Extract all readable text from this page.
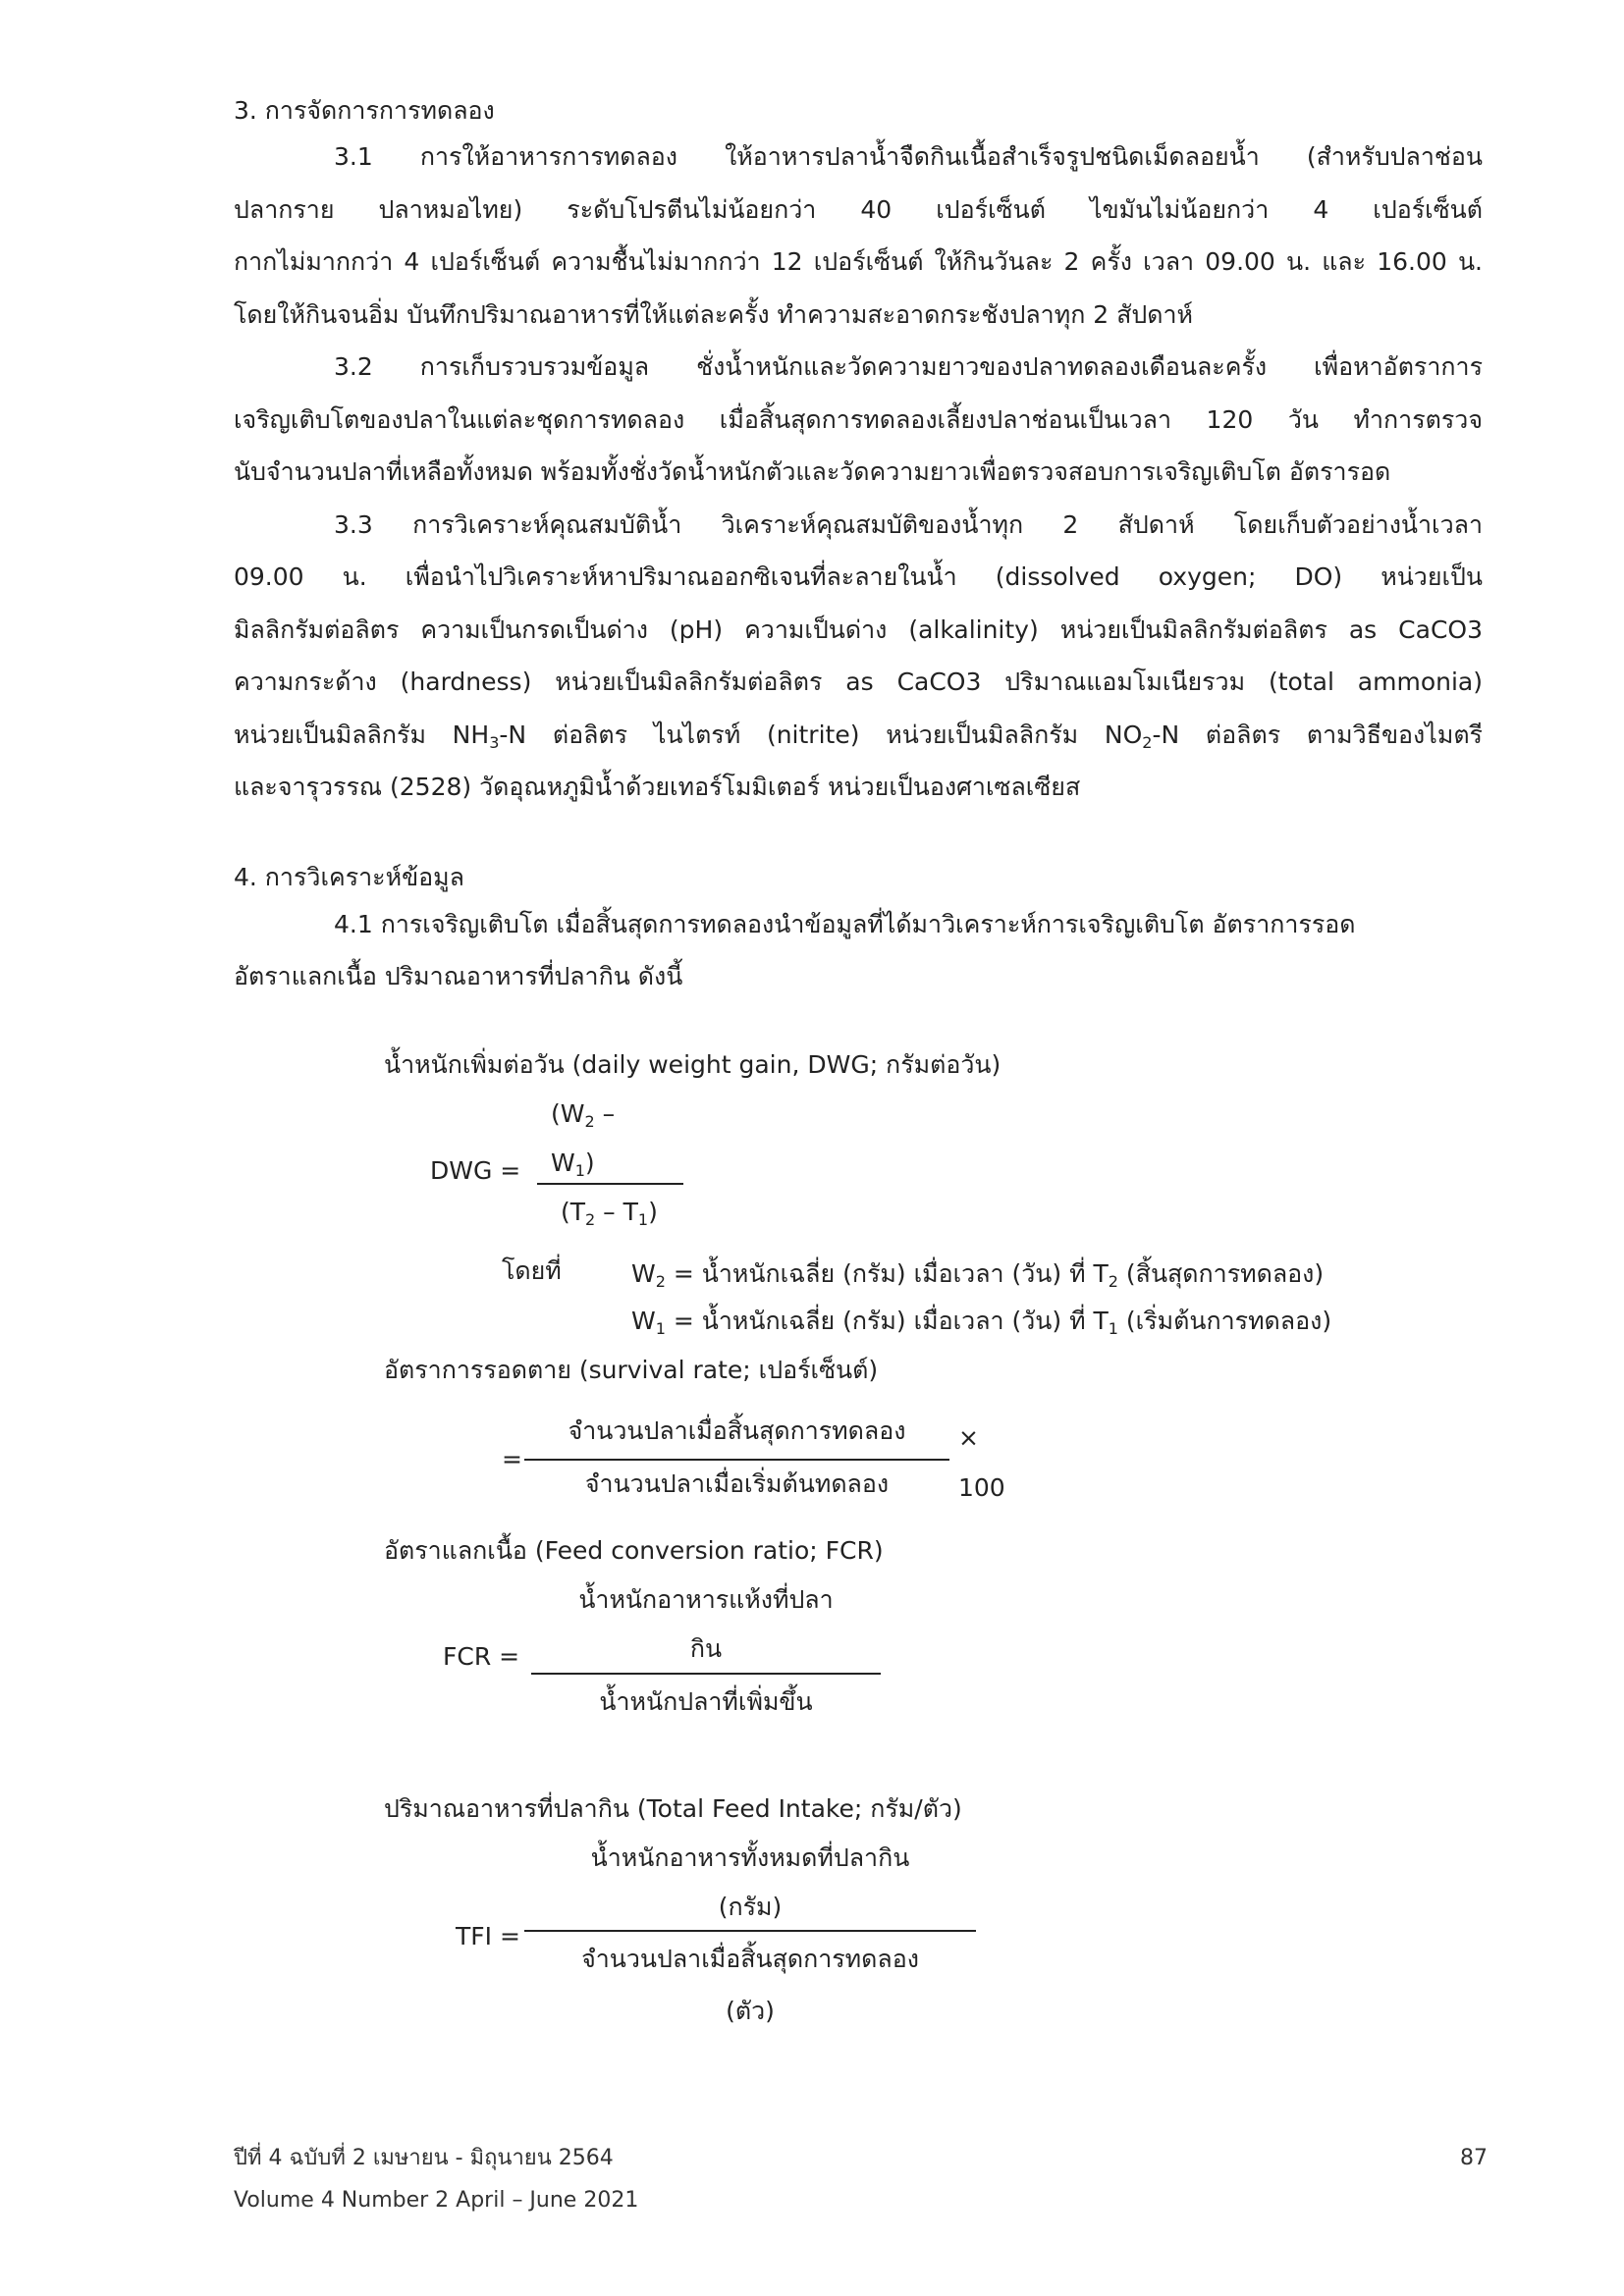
3. การจัดการการทดลอง
3.1 การให้อาหารการทดลอง ให้อาหารปลาน้ำจืดกินเนื้อสำเร็จรูปชนิดเม็ดลอยน้ำ (สำหรับปลาช่อน
ปลากราย ปลาหมอไทย) ระดับโปรตีนไม่น้อยกว่า 40 เปอร์เซ็นต์ ไขมันไม่น้อยกว่า 4 เปอร์เซ็นต์
กากไม่มากกว่า 4 เปอร์เซ็นต์ ความชื้นไม่มากกว่า 12 เปอร์เซ็นต์ ให้กินวันละ 2 ครั้ง เวลา 09.00 น. และ 16.00 น.
โดยให้กินจนอิ่ม บันทึกปริมาณอาหารที่ให้แต่ละครั้ง ทำความสะอาดกระชังปลาทุก 2 สัปดาห์
3.2 การเก็บรวบรวมข้อมูล ชั่งน้ำหนักและวัดความยาวของปลาทดลองเดือนละครั้ง เพื่อหาอัตราการ
เจริญเติบโตของปลาในแต่ละชุดการทดลอง เมื่อสิ้นสุดการทดลองเลี้ยงปลาช่อนเป็นเวลา 120 วัน ทำการตรวจ
นับจำนวนปลาที่เหลือทั้งหมด พร้อมทั้งชั่งวัดน้ำหนักตัวและวัดความยาวเพื่อตรวจสอบการเจริญเติบโต อัตรารอด
3.3 การวิเคราะห์คุณสมบัติน้ำ วิเคราะห์คุณสมบัติของน้ำทุก 2 สัปดาห์ โดยเก็บตัวอย่างน้ำเวลา
09.00 น. เพื่อนำไปวิเคราะห์หาปริมาณออกซิเจนที่ละลายในน้ำ (dissolved oxygen; DO) หน่วยเป็น
มิลลิกรัมต่อลิตร ความเป็นกรดเป็นด่าง (pH) ความเป็นด่าง (alkalinity) หน่วยเป็นมิลลิกรัมต่อลิตร as CaCO3
ความกระด้าง (hardness) หน่วยเป็นมิลลิกรัมต่อลิตร as CaCO3 ปริมาณแอมโมเนียรวม (total ammonia)
หน่วยเป็นมิลลิกรัม $NH_3-N$ ต่อลิตร ไนไตรท์ (nitrite) หน่วยเป็นมิลลิกรัม $NO_2-N$ ต่อลิตร ตามวิธีของไมตรี
และจารุวรรณ (2528) วัดอุณหภูมิน้ำด้วยเทอร์โมมิเตอร์ หน่วยเป็นองศาเซลเซียส
4. การวิเคราะห์ข้อมูล
4.1 การเจริญเติบโต เมื่อสิ้นสุดการทดลองนำข้อมูลที่ได้มาวิเคราะห์การเจริญเติบโต อัตราการรอด
อัตราแลกเนื้อ ปริมาณอาหารที่ปลากิน ดังนี้
น้ำหนักเพิ่มต่อวัน (daily weight gain, DWG; กรัมต่อวัน)
($W_2$ –
DWG = $W_1$)
$(T_2 - T_1)$
โดยที่	$W_2$ = น้ำหนักเฉลี่ย (กรัม) เมื่อเวลา (วัน) ที่ $T_2$ (สิ้นสุดการทดลอง)
$W_1$ = น้ำหนักเฉลี่ย (กรัม) เมื่อเวลา (วัน) ที่ $T_1$ (เริ่มต้นการทดลอง)
อัตราการรอดตาย (survival rate; เปอร์เซ็นต์)
จำนวนปลาเมื่อสิ้นสุดการทดลอง
=
จำนวนปลาเมื่อเริ่มต้นทดลอง
×
100
อัตราแลกเนื้อ (Feed conversion ratio; FCR)
น้ำหนักอาหารแห้งที่ปลา
FCR =	กิน
น้ำหนักปลาที่เพิ่มขึ้น
ปริมาณอาหารที่ปลากิน (Total Feed Intake; กรัม/ตัว)
น้ำหนักอาหารทั้งหมดที่ปลากิน
(กรัม)
TFI =
จำนวนปลาเมื่อสิ้นสุดการทดลอง
(ตัว)
ปีที่ 4 ฉบับที่ 2 เมษายน - มิถุนายน 2564
Volume 4 Number 2 April – June 2021
87
